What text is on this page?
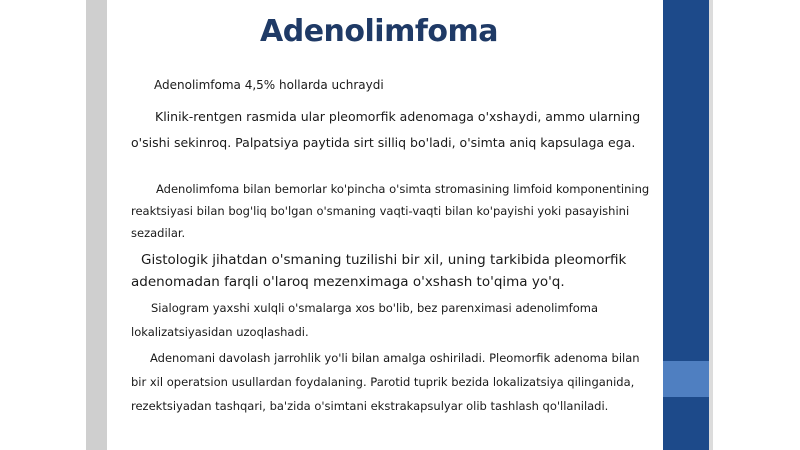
Adenolimfoma

Adenolimfoma 4,5% hollarda uchraydi

Klinik-rentgen rasmida ular pleomorfik adenomaga o'xshaydi, ammo ularning o'sishi sekinroq. Palpatsiya paytida sirt silliq bo'ladi, o'simta aniq kapsulaga ega.

Adenolimfoma bilan bemorlar ko'pincha o'simta stromasining limfoid komponentining reaktsiyasi bilan bog'liq bo'lgan o'smaning vaqti-vaqti bilan ko'payishi yoki pasayishini sezadilar.

Gistologik jihatdan o'smaning tuzilishi bir xil, uning tarkibida pleomorfik adenomadan farqli o'laroq mezenximaga o'xshash to'qima yo'q.

Sialogram yaxshi xulqli o'smalarga xos bo'lib, bez parenximasi adenolimfoma lokalizatsiyasidan uzoqlashadi.

Adenomani davolash jarrohlik yo'li bilan amalga oshiriladi. Pleomorfik adenoma bilan bir xil operatsion usullardan foydalaning. Parotid tuprik bezida lokalizatsiya qilinganida, rezektsiyadan tashqari, ba'zida o'simtani ekstrakapsulyar olib tashlash qo'llaniladi.
